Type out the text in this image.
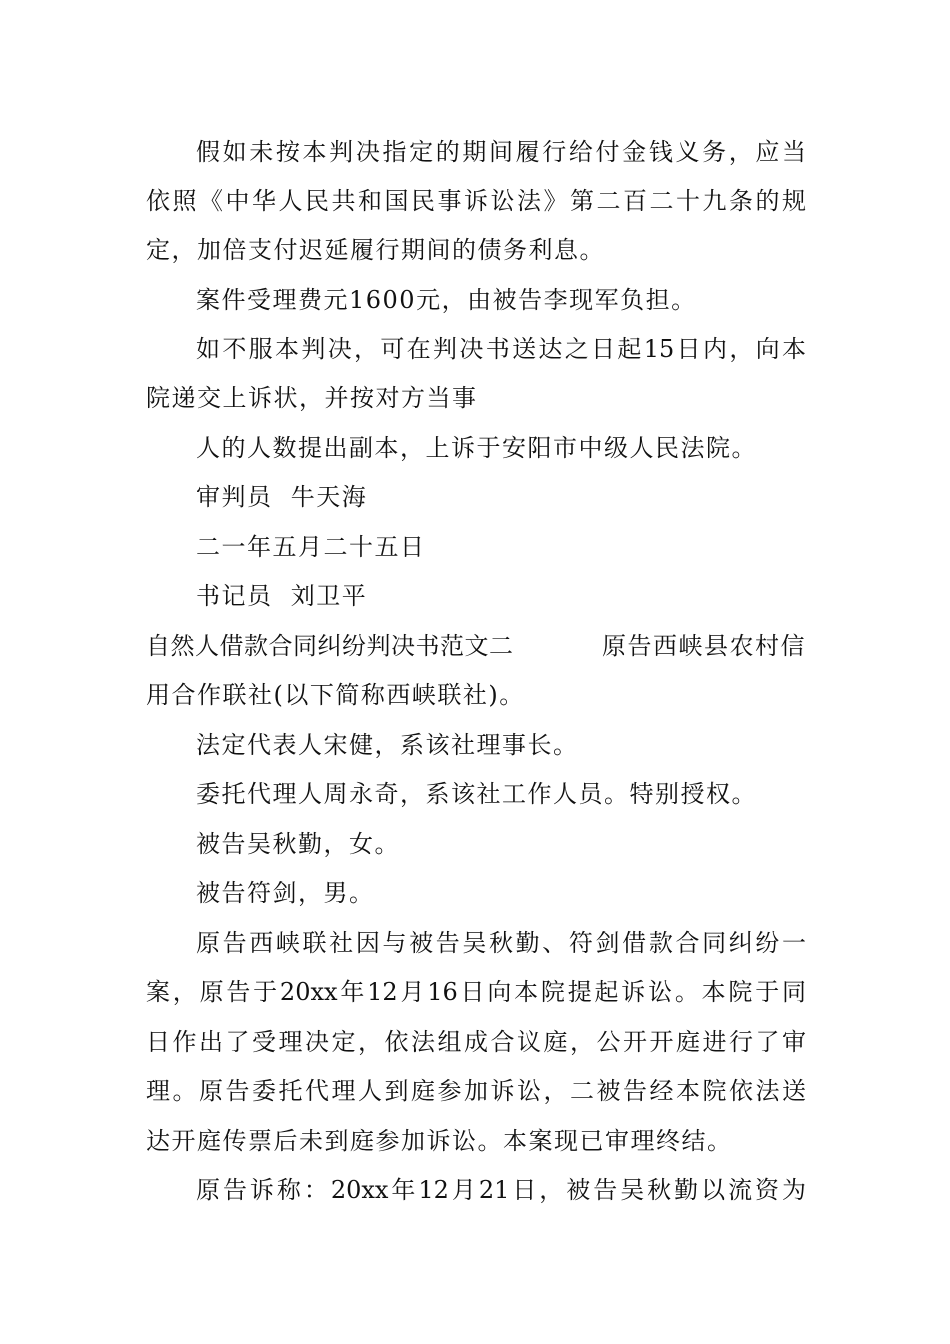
假如未按本判决指定的期间履行给付金钱义务，应当
依照《中华人民共和国民事诉讼法》第二百二十九条的规
定，加倍支付迟延履行期间的债务利息。
案件受理费元1600元，由被告李现军负担。
如不服本判决，可在判决书送达之日起15日内，向本
院递交上诉状，并按对方当事
人的人数提出副本，上诉于安阳市中级人民法院。
审判员  牛天海
二一年五月二十五日
书记员  刘卫平
自然人借款合同纠纷判决书范文二	原告西峡县农村信
用合作联社(以下简称西峡联社)。
法定代表人宋健，系该社理事长。
委托代理人周永奇，系该社工作人员。特别授权。
被告吴秋勤，女。
被告符剑，男。
原告西峡联社因与被告吴秋勤、符剑借款合同纠纷一
案，原告于20xx年12月16日向本院提起诉讼。本院于同
日作出了受理决定，依法组成合议庭，公开开庭进行了审
理。原告委托代理人到庭参加诉讼，二被告经本院依法送
达开庭传票后未到庭参加诉讼。本案现已审理终结。
原告诉称：20xx年12月21日，被告吴秋勤以流资为
